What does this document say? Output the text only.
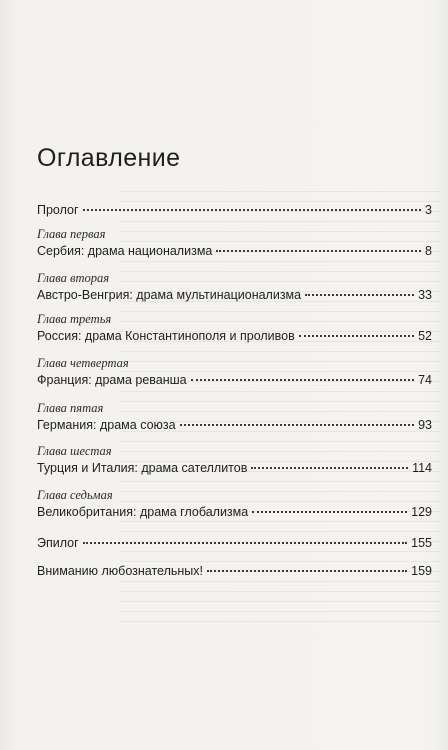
Оглавление
Пролог	3
Глава первая
Сербия: драма национализма	8
Глава вторая
Австро-Венгрия: драма мультинационализма	33
Глава третья
Россия: драма Константинополя и проливов	52
Глава четвертая
Франция: драма реванша	74
Глава пятая
Германия: драма союза	93
Глава шестая
Турция и Италия: драма сателлитов	114
Глава седьмая
Великобритания: драма глобализма	129
Эпилог	155
Вниманию любознательных!	159
